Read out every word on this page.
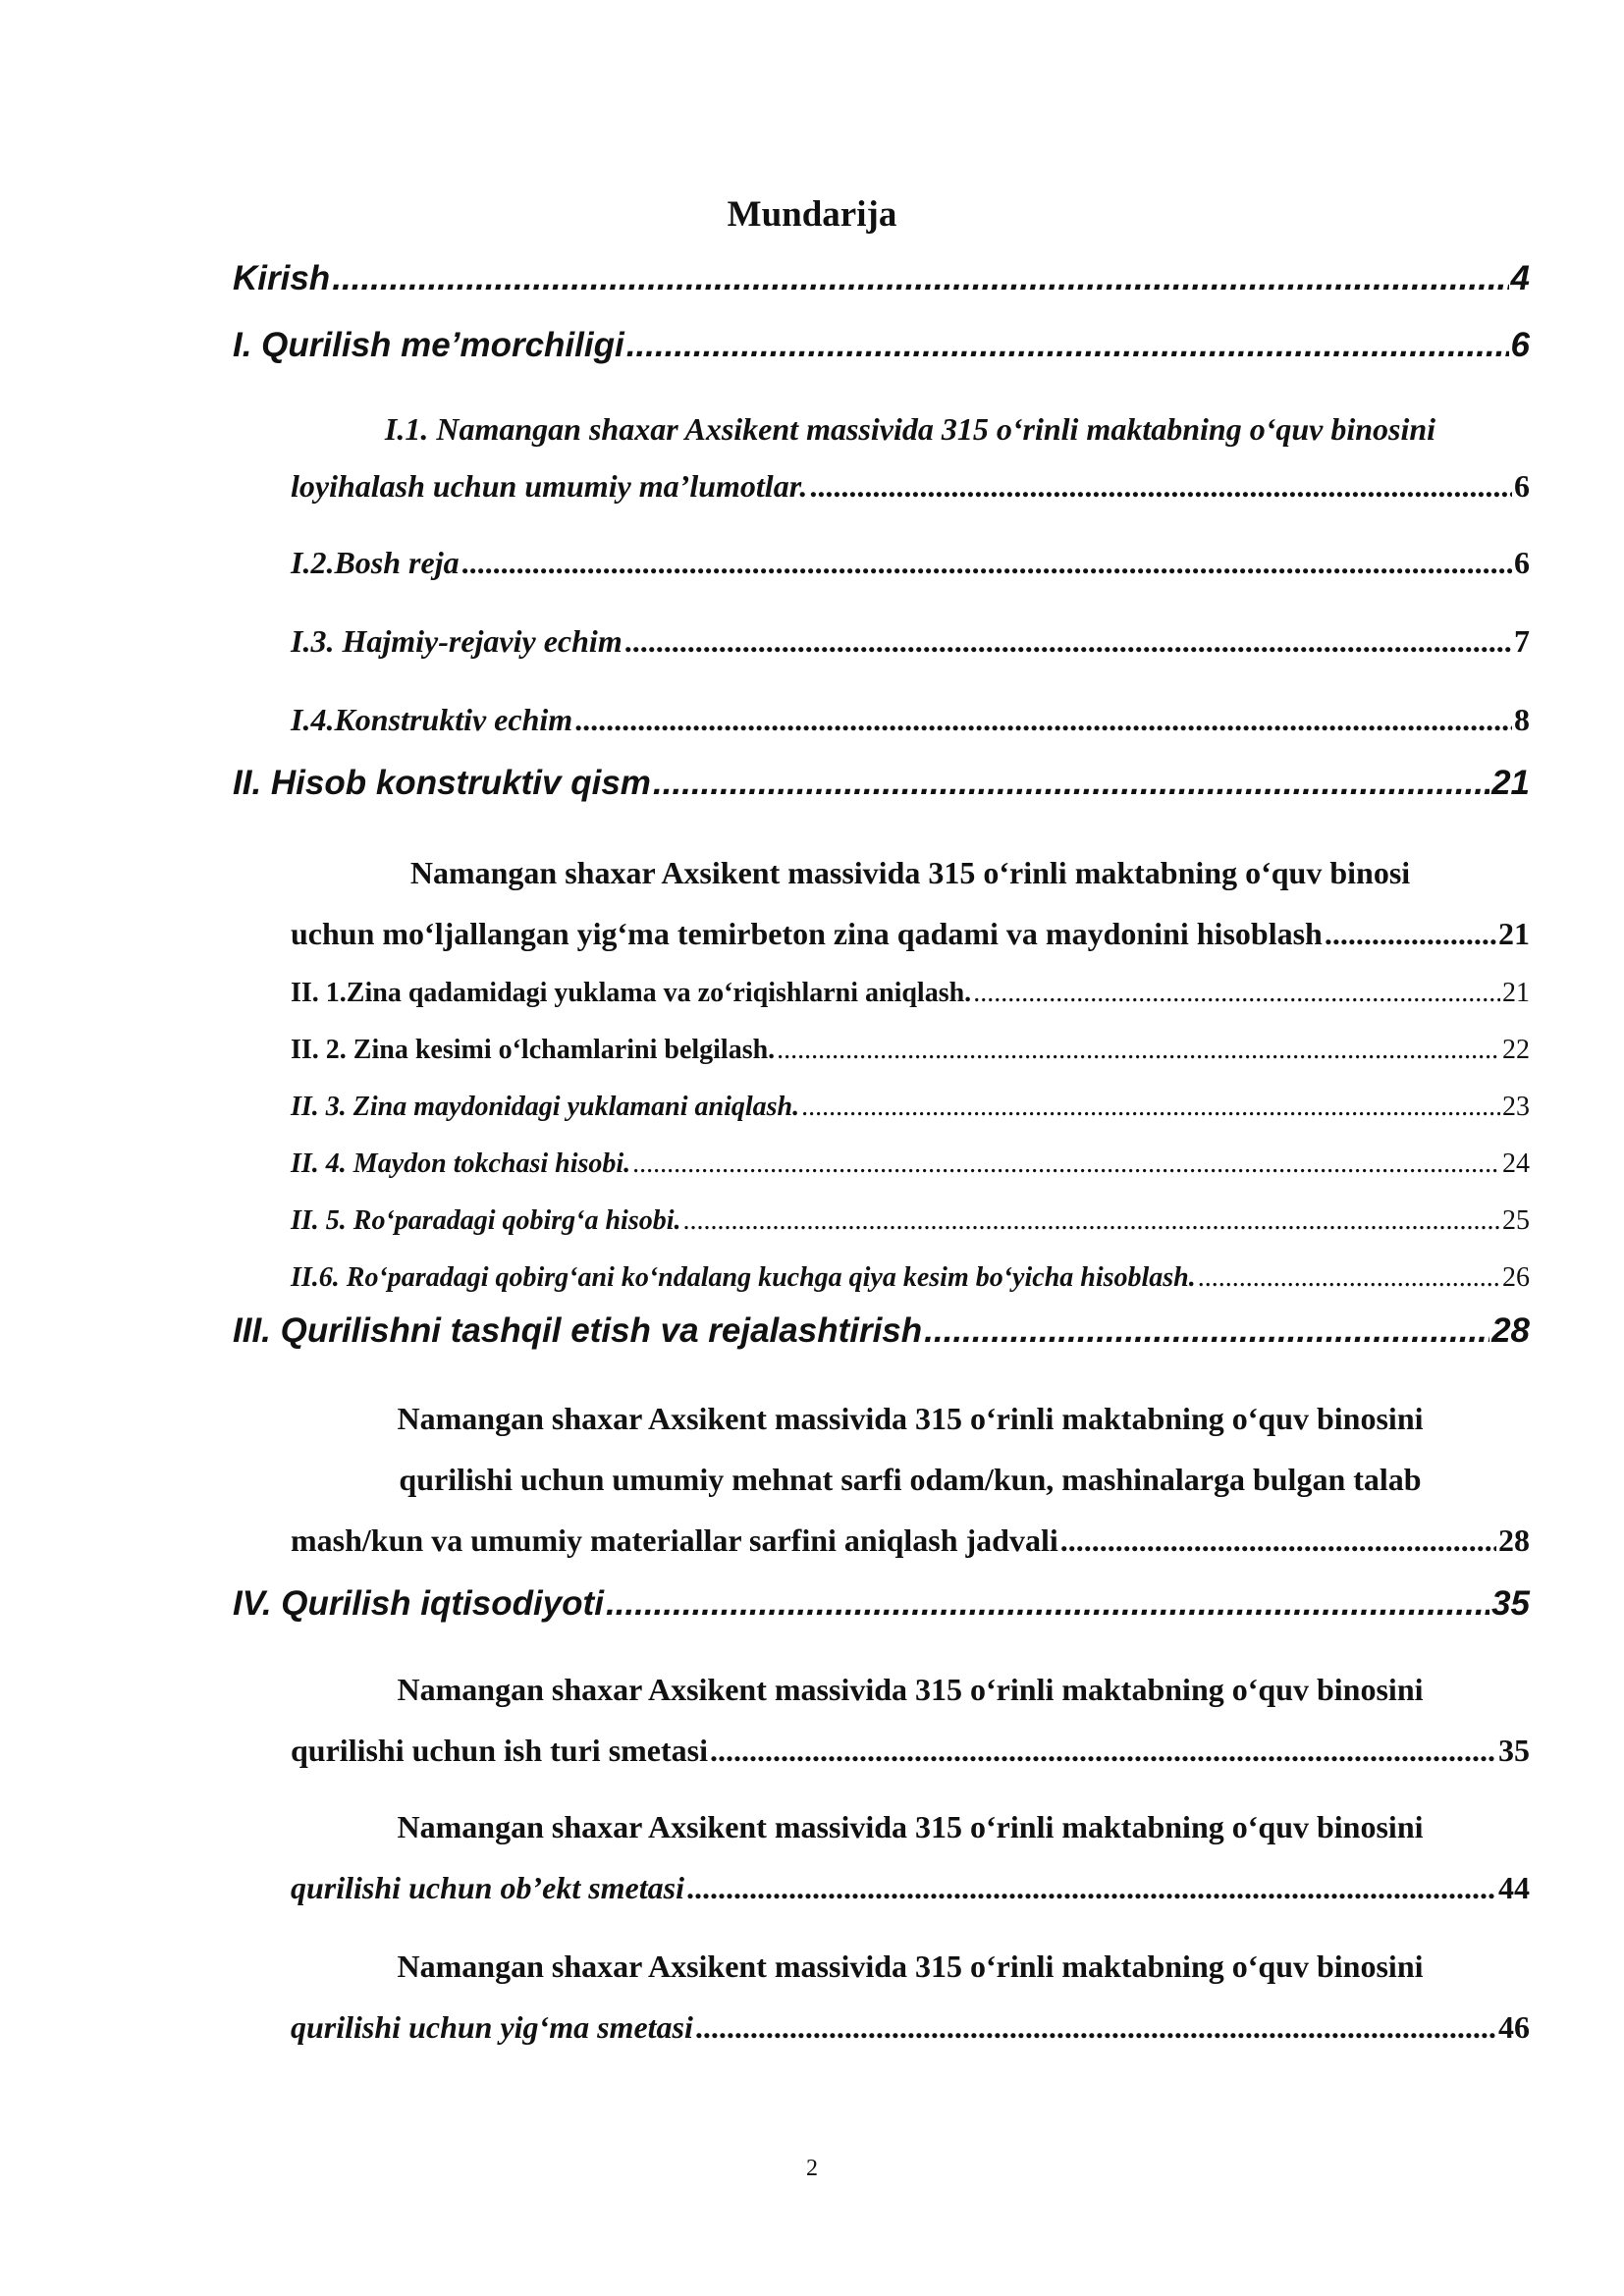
Mundarija
Kirish .....	4
I. Qurilish me’morchiligi .....	6
I.1. Namangan shaxar Axsikent massivida 315 o‘rinli maktabning o‘quv binosini
loyihalash uchun umumiy ma’lumotlar. .....	6
I.2.Bosh reja .....	6
I.3. Hajmiy-rejaviy echim .....	7
I.4.Konstruktiv echim .....	8
II. Hisob konstruktiv qism .....	21
Namangan shaxar Axsikent massivida 315 o‘rinli maktabning o‘quv binosi
uchun mo‘ljallangan yig‘ma temirbeton zina qadami va maydonini hisoblash .....	21
II. 1.Zina qadamidagi yuklama va zo‘riqishlarni aniqlash. .....	21
II. 2. Zina kesimi o‘lchamlarini belgilash. .....	22
II. 3. Zina maydonidagi yuklamani aniqlash. .....	23
II. 4. Maydon tokchasi hisobi. .....	24
II. 5. Ro‘paradagi qobirg‘a hisobi. .....	25
II.6. Ro‘paradagi qobirg‘ani ko‘ndalang kuchga qiya kesim bo‘yicha hisoblash. .....	26
III. Qurilishni tashqil etish va rejalashtirish .....	28
Namangan shaxar Axsikent massivida 315 o‘rinli maktabning o‘quv binosini
qurilishi uchun umumiy mehnat sarfi odam/kun, mashinalarga bulgan talab
mash/kun va umumiy materiallar sarfini aniqlash jadvali .....	28
IV. Qurilish iqtisodiyoti .....	35
Namangan shaxar Axsikent massivida 315 o‘rinli maktabning o‘quv binosini
qurilishi uchun ish turi smetasi .....	35
Namangan shaxar Axsikent massivida 315 o‘rinli maktabning o‘quv binosini
qurilishi uchun ob’ekt smetasi .....	44
Namangan shaxar Axsikent massivida 315 o‘rinli maktabning o‘quv binosini
qurilishi uchun yig‘ma smetasi .....	46
2
